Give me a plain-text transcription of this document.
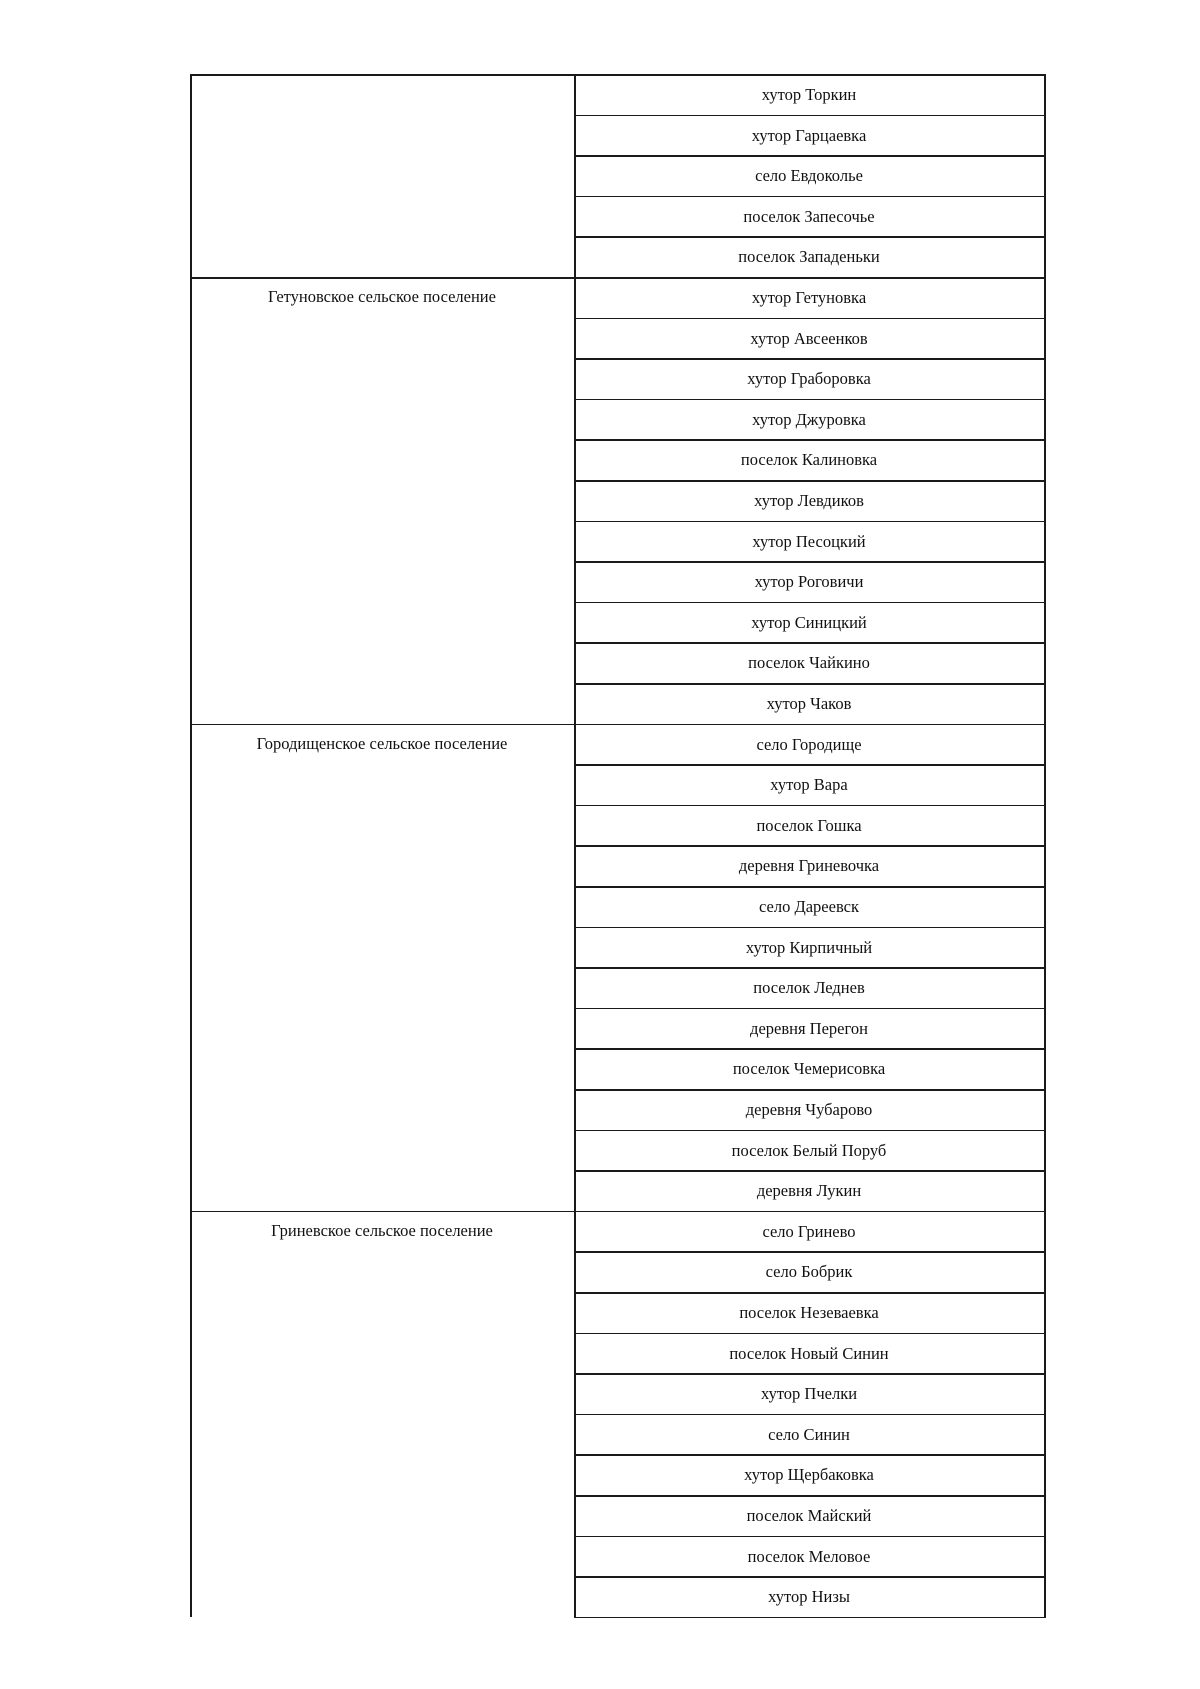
хутор Торкин
хутор Гарцаевка
село Евдоколье
поселок Запесочье
поселок Западеньки
Гетуновское сельское поселение	хутор Гетуновка
хутор Авсеенков
хутор Граборовка
хутор Джуровка
поселок Калиновка
хутор Левдиков
хутор Песоцкий
хутор Роговичи
хутор Синицкий
поселок Чайкино
хутор Чаков
Городищенское сельское поселение	село Городище
хутор Вара
поселок Гошка
деревня Гриневочка
село Дареевск
хутор Кирпичный
поселок Леднев
деревня Перегон
поселок Чемерисовка
деревня Чубарово
поселок Белый Поруб
деревня Лукин
Гриневское сельское поселение	село Гринево
село Бобрик
поселок Незеваевка
поселок Новый Синин
хутор Пчелки
село Синин
хутор Щербаковка
поселок Майский
поселок Меловое
хутор Низы
